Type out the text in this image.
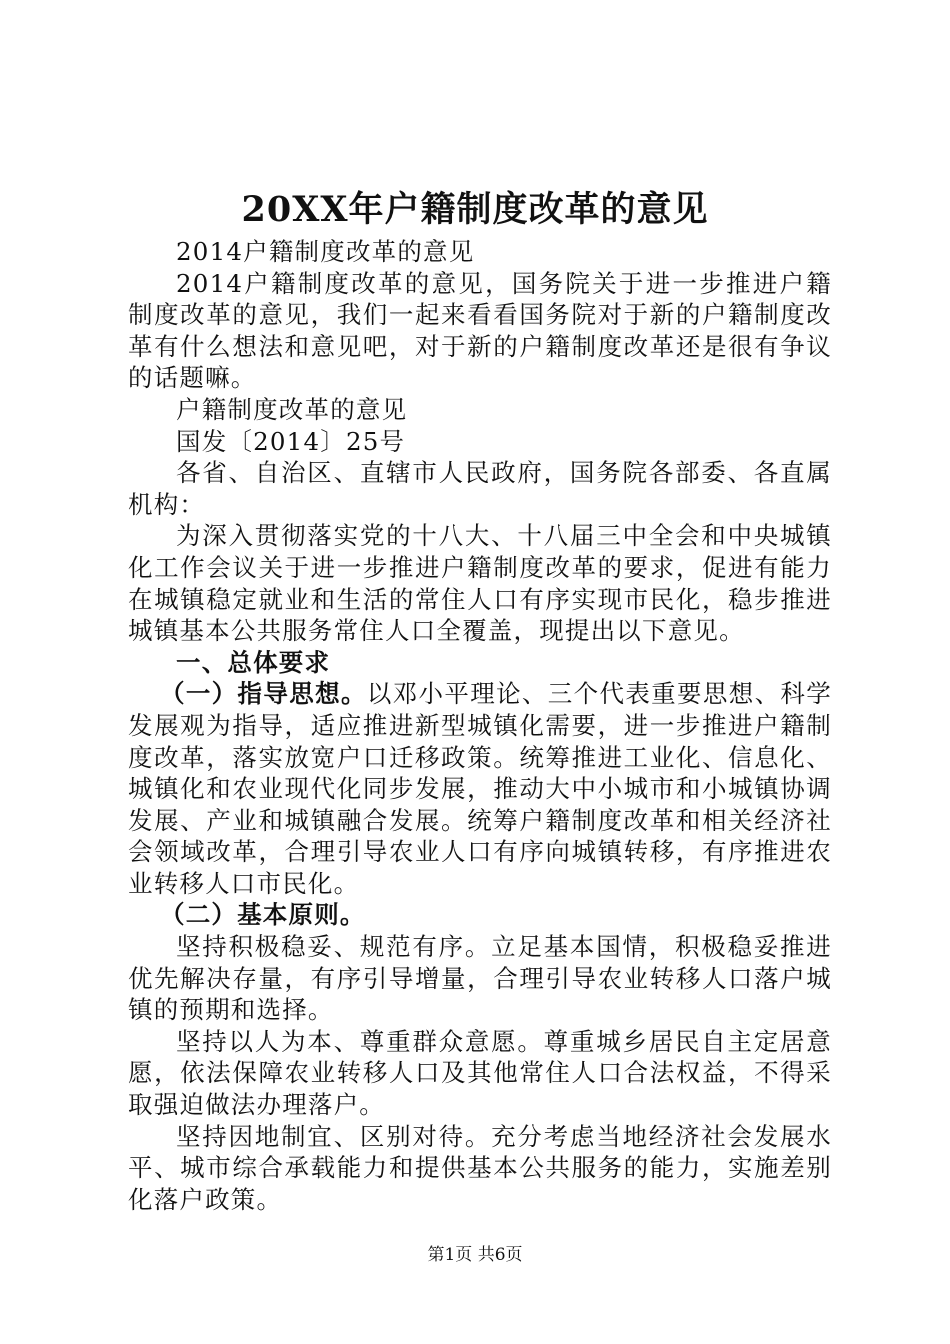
20XX年户籍制度改革的意见

2014户籍制度改革的意见

2014户籍制度改革的意见，国务院关于进一步推进户籍制度改革的意见，我们一起来看看国务院对于新的户籍制度改革有什么想法和意见吧，对于新的户籍制度改革还是很有争议的话题嘛。

户籍制度改革的意见

国发〔2014〕25号

各省、自治区、直辖市人民政府，国务院各部委、各直属机构：

为深入贯彻落实党的十八大、十八届三中全会和中央城镇化工作会议关于进一步推进户籍制度改革的要求，促进有能力在城镇稳定就业和生活的常住人口有序实现市民化，稳步推进城镇基本公共服务常住人口全覆盖，现提出以下意见。

一、总体要求

（一）指导思想。以邓小平理论、三个代表重要思想、科学发展观为指导，适应推进新型城镇化需要，进一步推进户籍制度改革，落实放宽户口迁移政策。统筹推进工业化、信息化、城镇化和农业现代化同步发展，推动大中小城市和小城镇协调发展、产业和城镇融合发展。统筹户籍制度改革和相关经济社会领域改革，合理引导农业人口有序向城镇转移，有序推进农业转移人口市民化。

（二）基本原则。

坚持积极稳妥、规范有序。立足基本国情，积极稳妥推进优先解决存量，有序引导增量，合理引导农业转移人口落户城镇的预期和选择。

坚持以人为本、尊重群众意愿。尊重城乡居民自主定居意愿，依法保障农业转移人口及其他常住人口合法权益，不得采取强迫做法办理落户。

坚持因地制宜、区别对待。充分考虑当地经济社会发展水平、城市综合承载能力和提供基本公共服务的能力，实施差别化落户政策。

第1页 共6页
